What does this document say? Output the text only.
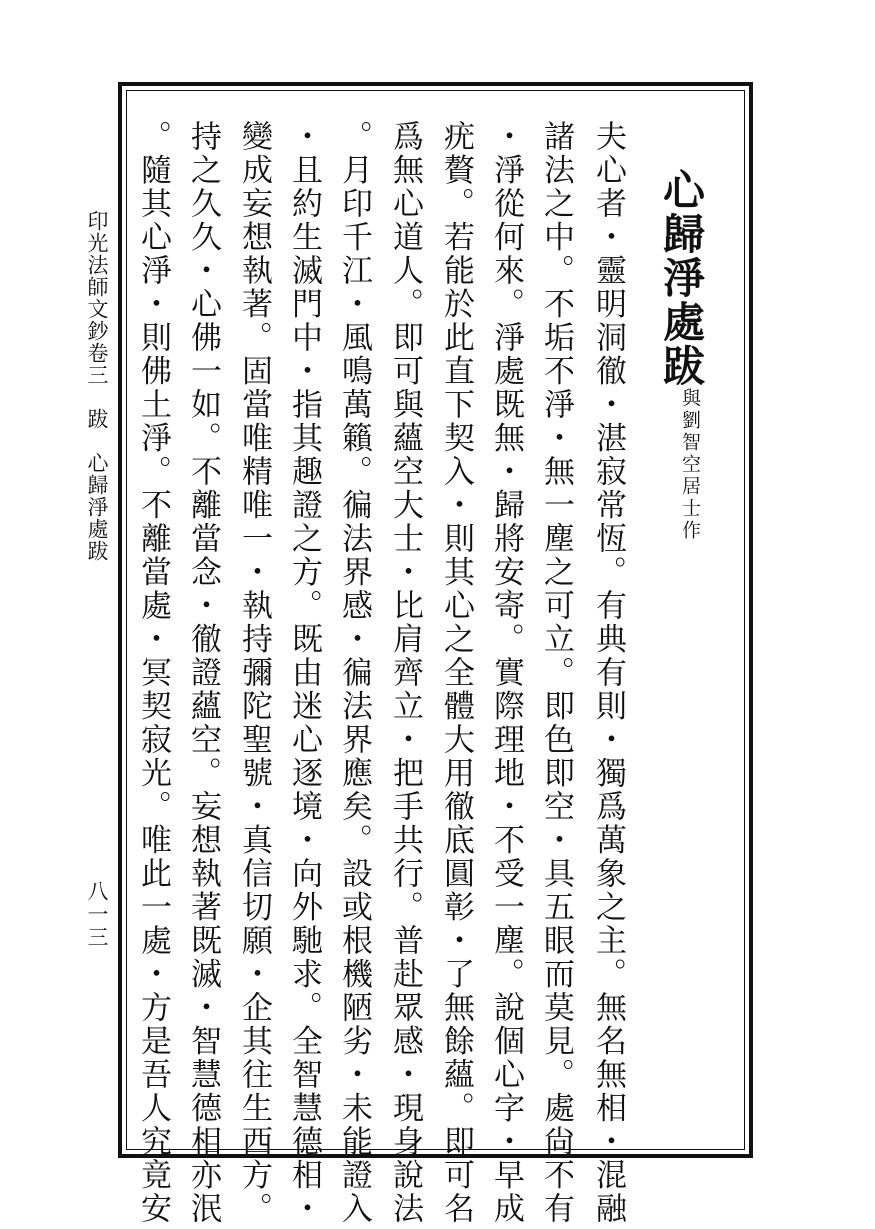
心歸淨處跋
與劉智空居士作
夫心者・靈明洞徹・湛寂常恆。有典有則・獨爲萬象之主。無名無相・混融
諸法之中。不垢不淨・無一塵之可立。即色即空・具五眼而莫見。處尙不有
・淨從何來。淨處既無・歸將安寄。實際理地・不受一塵。說個心字・早成
疣贅。若能於此直下契入・則其心之全體大用徹底圓彰・了無餘蘊。即可名
爲無心道人。即可與蘊空大士・比肩齊立・把手共行。普赴眾感・現身說法
。月印千江・風鳴萬籟。徧法界感・徧法界應矣。設或根機陋劣・未能證入
・且約生滅門中・指其趣證之方。既由迷心逐境・向外馳求。全智慧德相・
變成妄想執著。固當唯精唯一・執持彌陀聖號・真信切願・企其往生西方。
持之久久・心佛一如。不離當念・徹證蘊空。妄想執著既滅・智慧德相亦泯
。隨其心淨・則佛土淨。不離當處・冥契寂光。唯此一處・方是吾人究竟安
印光法師文鈔卷三　跋　心歸淨處跋
八一三
